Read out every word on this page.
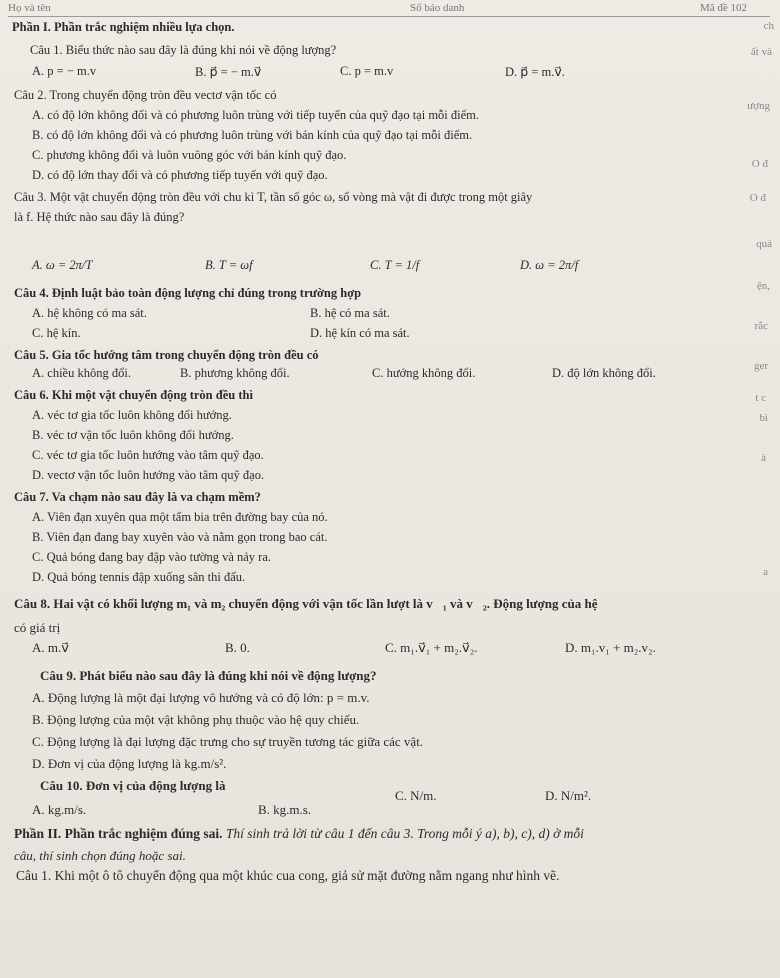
Họ và tên	Số báo danh	Mã đề 102
Phần I. Phần trắc nghiệm nhiều lựa chọn.
Câu 1. Biểu thức nào sau đây là đúng khi nói về động lượng?
A. p = − m.v	B. p⃗ = − m.v⃗	C. p = m.v	D. p⃗ = m.v⃗.
Câu 2. Trong chuyển động tròn đều vectơ vận tốc có
A. có độ lớn không đổi và có phương luôn trùng với tiếp tuyến của quỹ đạo tại mỗi điểm.
B. có độ lớn không đổi và có phương luôn trùng với bán kính của quỹ đạo tại mỗi điểm.
C. phương không đổi và luôn vuông góc với bán kính quỹ đạo.
D. có độ lớn thay đổi và có phương tiếp tuyến với quỹ đạo.
Câu 3. Một vật chuyển động tròn đều với chu kì T, tần số góc ω, số vòng mà vật đi được trong một giây
là f. Hệ thức nào sau đây là đúng?
A. ω = 2π/T	B. T = ωf	C. T = 1/f	D. ω = 2π/f
Câu 4. Định luật bảo toàn động lượng chỉ đúng trong trường hợp
A. hệ không có ma sát.	B. hệ có ma sát.
C. hệ kín.	D. hệ kín có ma sát.
Câu 5. Gia tốc hướng tâm trong chuyển động tròn đều có
A. chiều không đổi.	B. phương không đổi.	C. hướng không đổi.	D. độ lớn không đổi.
Câu 6. Khi một vật chuyển động tròn đều thì
A. véc tơ gia tốc luôn không đổi hướng.
B. véc tơ vận tốc luôn không đổi hướng.
C. véc tơ gia tốc luôn hướng vào tâm quỹ đạo.
D. vectơ vận tốc luôn hướng vào tâm quỹ đạo.
Câu 7. Va chạm nào sau đây là va chạm mềm?
A. Viên đạn xuyên qua một tấm bia trên đường bay của nó.
B. Viên đạn đang bay xuyên vào và nằm gọn trong bao cát.
C. Quả bóng đang bay đập vào tường và nảy ra.
D. Quả bóng tennis đập xuống sân thi đấu.
Câu 8. Hai vật có khối lượng m₁ và m₂ chuyển động với vận tốc lần lượt là v⃗₁ và v⃗₂. Động lượng của hệ
có giá trị
A. m.v⃗	B. 0.	C. m₁.v⃗₁ + m₂.v⃗₂.	D. m₁.v₁ + m₂.v₂.
Câu 9. Phát biểu nào sau đây là đúng khi nói về động lượng?
A. Động lượng là một đại lượng vô hướng và có độ lớn: p = m.v.
B. Động lượng của một vật không phụ thuộc vào hệ quy chiếu.
C. Động lượng là đại lượng đặc trưng cho sự truyền tương tác giữa các vật.
D. Đơn vị của động lượng là kg.m/s².
Câu 10. Đơn vị của động lượng là
A. kg.m/s.	B. kg.m.s.
C. N/m.	D. N/m².
Phần II. Phần trắc nghiệm đúng sai. Thí sinh trả lời từ câu 1 đến câu 3. Trong mỗi ý a), b), c), d) ở mỗi
câu, thí sinh chọn đúng hoặc sai.
Câu 1. Khi một ô tô chuyển động qua một khúc cua cong, giả sử mặt đường nằm ngang như hình vẽ.
ch
ất và
ượng
O đ
O đ
quả
ện,
rắc
ger
t c
bì
à
a
